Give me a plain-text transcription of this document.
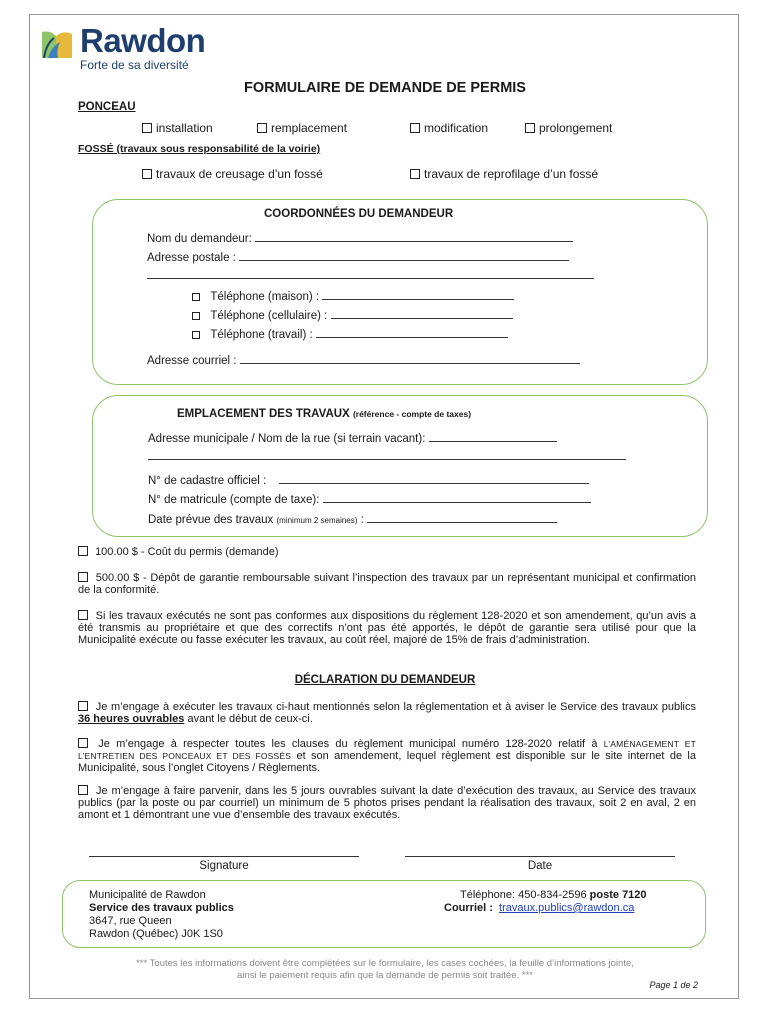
Rawdon
Forte de sa diversité
FORMULAIRE DE DEMANDE DE PERMIS
PONCEAU
installation	remplacement	modification	prolongement
FOSSÉ (travaux sous responsabilité de la voirie)
travaux de creusage d’un fossé	travaux de reprofilage d’un fossé
COORDONNÉES DU DEMANDEUR
Nom du demandeur:
Adresse postale :
Téléphone (maison) :
Téléphone (cellulaire) :
Téléphone (travail) :
Adresse courriel :
EMPLACEMENT DES TRAVAUX (référence - compte de taxes)
Adresse municipale / Nom de la rue (si terrain vacant):
N° de cadastre officiel :
N° de matricule (compte de taxe):
Date prévue des travaux (minimum 2 semaines) :
100.00 $ - Coût du permis (demande)
500.00 $ - Dépôt de garantie remboursable suivant l’inspection des travaux par un représentant municipal et confirmation de la conformité.
Si les travaux exécutés ne sont pas conformes aux dispositions du règlement 128-2020 et son amendement, qu’un avis a été transmis au propriétaire et que des correctifs n’ont pas été apportés, le dépôt de garantie sera utilisé pour que la Municipalité exécute ou fasse exécuter les travaux, au coût réel, majoré de 15% de frais d’administration.
DÉCLARATION DU DEMANDEUR
Je m’engage à exécuter les travaux ci-haut mentionnés selon la réglementation et à aviser le Service des travaux publics 36 heures ouvrables avant le début de ceux-ci.
Je m’engage à respecter toutes les clauses du règlement municipal numéro 128-2020 relatif à L’AMÉNAGEMENT ET L’ENTRETIEN DES PONCEAUX ET DES FOSSÉS et son amendement, lequel règlement est disponible sur le site internet de la Municipalité, sous l’onglet Citoyens / Règlements.
Je m’engage à faire parvenir, dans les 5 jours ouvrables suivant la date d’exécution des travaux, au Service des travaux publics (par la poste ou par courriel) un minimum de 5 photos prises pendant la réalisation des travaux, soit 2 en aval, 2 en amont et 1 démontrant une vue d’ensemble des travaux exécutés.
Signature	Date
Municipalité de Rawdon
Service des travaux publics
3647, rue Queen
Rawdon (Québec) J0K 1S0
Téléphone: 450-834-2596 poste 7120
Courriel : travaux.publics@rawdon.ca
*** Toutes les informations doivent être complétées sur le formulaire, les cases cochées, la feuille d’informations jointe,
ainsi le paiement requis afin que la demande de permis soit traitée. ***
Page 1 de 2
